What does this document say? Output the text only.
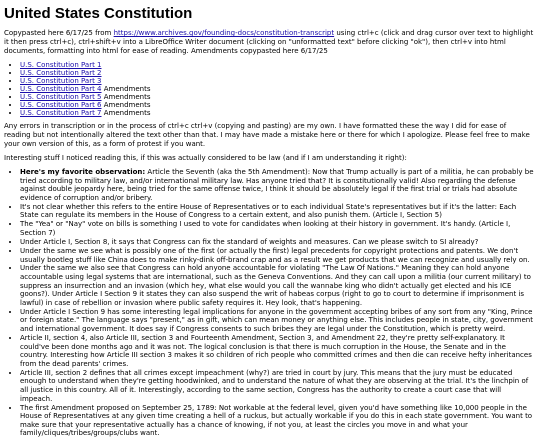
United States Constitution

Copypasted here 6/17/25 from https://www.archives.gov/founding-docs/constitution-transcript using ctrl+c (click and drag cursor over text to highlight it then press ctrl+c), ctrl+shift+v into a LibreOffice Writer document (clicking on "unformatted text" before clicking "ok"), then ctrl+v into html documents, formatting into html for ease of reading. Amendments copypasted here 6/17/25

• U.S. Constitution Part 1
• U.S. Constitution Part 2
• U.S. Constitution Part 3
• U.S. Constitution Part 4 Amendments
• U.S. Constitution Part 5 Amendments
• U.S. Constitution Part 6 Amendments
• U.S. Constitution Part 7 Amendments

Any errors in transcription or in the process of ctrl+c ctrl+v (copying and pasting) are my own. I have formatted these the way I did for ease of reading but not intentionally altered the text other than that. I may have made a mistake here or there for which I apologize. Please feel free to make your own version of this, as a form of protest if you want.

Interesting stuff I noticed reading this, if this was actually considered to be law (and if I am understanding it right):

• Here's my favorite observation: Article the Seventh (aka the 5th Amendment): Now that Trump actually is part of a militia, he can probably be tried according to military law, and/or international military law. Has anyone tried that? It is constitutionally valid! Also regarding the defense against double jeopardy here, being tried for the same offense twice, I think it should be absolutely legal if the first trial or trials had absolute evidence of corruption and/or bribery.
• It's not clear whether this refers to the entire House of Representatives or to each individual State's representatives but if it's the latter: Each State can regulate its members in the House of Congress to a certain extent, and also punish them. (Article I, Section 5)
• The "Yea" or "Nay" vote on bills is something I used to vote for candidates when looking at their history in government. It's handy. (Article I, Section 7)
• Under Article I, Section 8, it says that Congress can fix the standard of weights and measures. Can we please switch to SI already?
• Under the same we see what is possibly one of the first (or actually the first) legal precedents for copyright protections and patents. We don't usually bootleg stuff like China does to make rinky-dink off-brand crap and as a result we get products that we can recognize and usually rely on.
• Under the same we also see that Congress can hold anyone accountable for violating "The Law Of Nations." Meaning they can hold anyone accountable using legal systems that are international, such as the Geneva Conventions. And they can call upon a militia (our current military) to suppress an insurrection and an invasion (which hey, what else would you call the wannabe king who didn't actually get elected and his ICE goons?). Under Article I Section 9 it states they can also suspend the writ of habeas corpus (right to go to court to determine if imprisonment is lawful) in case of rebellion or invasion where public safety requires it. Hey look, that's happening.
• Under Article I Section 9 has some interesting legal implications for anyone in the government accepting bribes of any sort from any "King, Prince or foreign state." The language says "present," as in gift, which can mean money or anything else. This includes people in state, city, government and international government. It does say if Congress consents to such bribes they are legal under the Constitution, which is pretty weird.
• Article II, section 4, also Article III, section 3 and Fourteenth Amendment, Section 3, and Amendment 22, they're pretty self-explanatory. It could've been done months ago and it was not. The logical conclusion is that there is much corruption in the House, the Senate and in the country. Interesting how Article III section 3 makes it so children of rich people who committed crimes and then die can receive hefty inheritances from the dead parents' crimes.
• Article III, section 2 defines that all crimes except impeachment (why?) are tried in court by jury. This means that the jury must be educated enough to understand when they're getting hoodwinked, and to understand the nature of what they are observing at the trial. It's the linchpin of all justice in this country. All of it. Interestingly, according to the same section, Congress has the authority to create a court case that will impeach.
• The first Amendment proposed on September 25, 1789: Not workable at the federal level, given you'd have something like 10,000 people in the House of Representatives at any given time creating a hell of a ruckus, but actually workable if you do this in each state government. You want to make sure that your representative actually has a chance of knowing, if not you, at least the circles you move in and what your family/cliques/tribes/groups/clubs want.
